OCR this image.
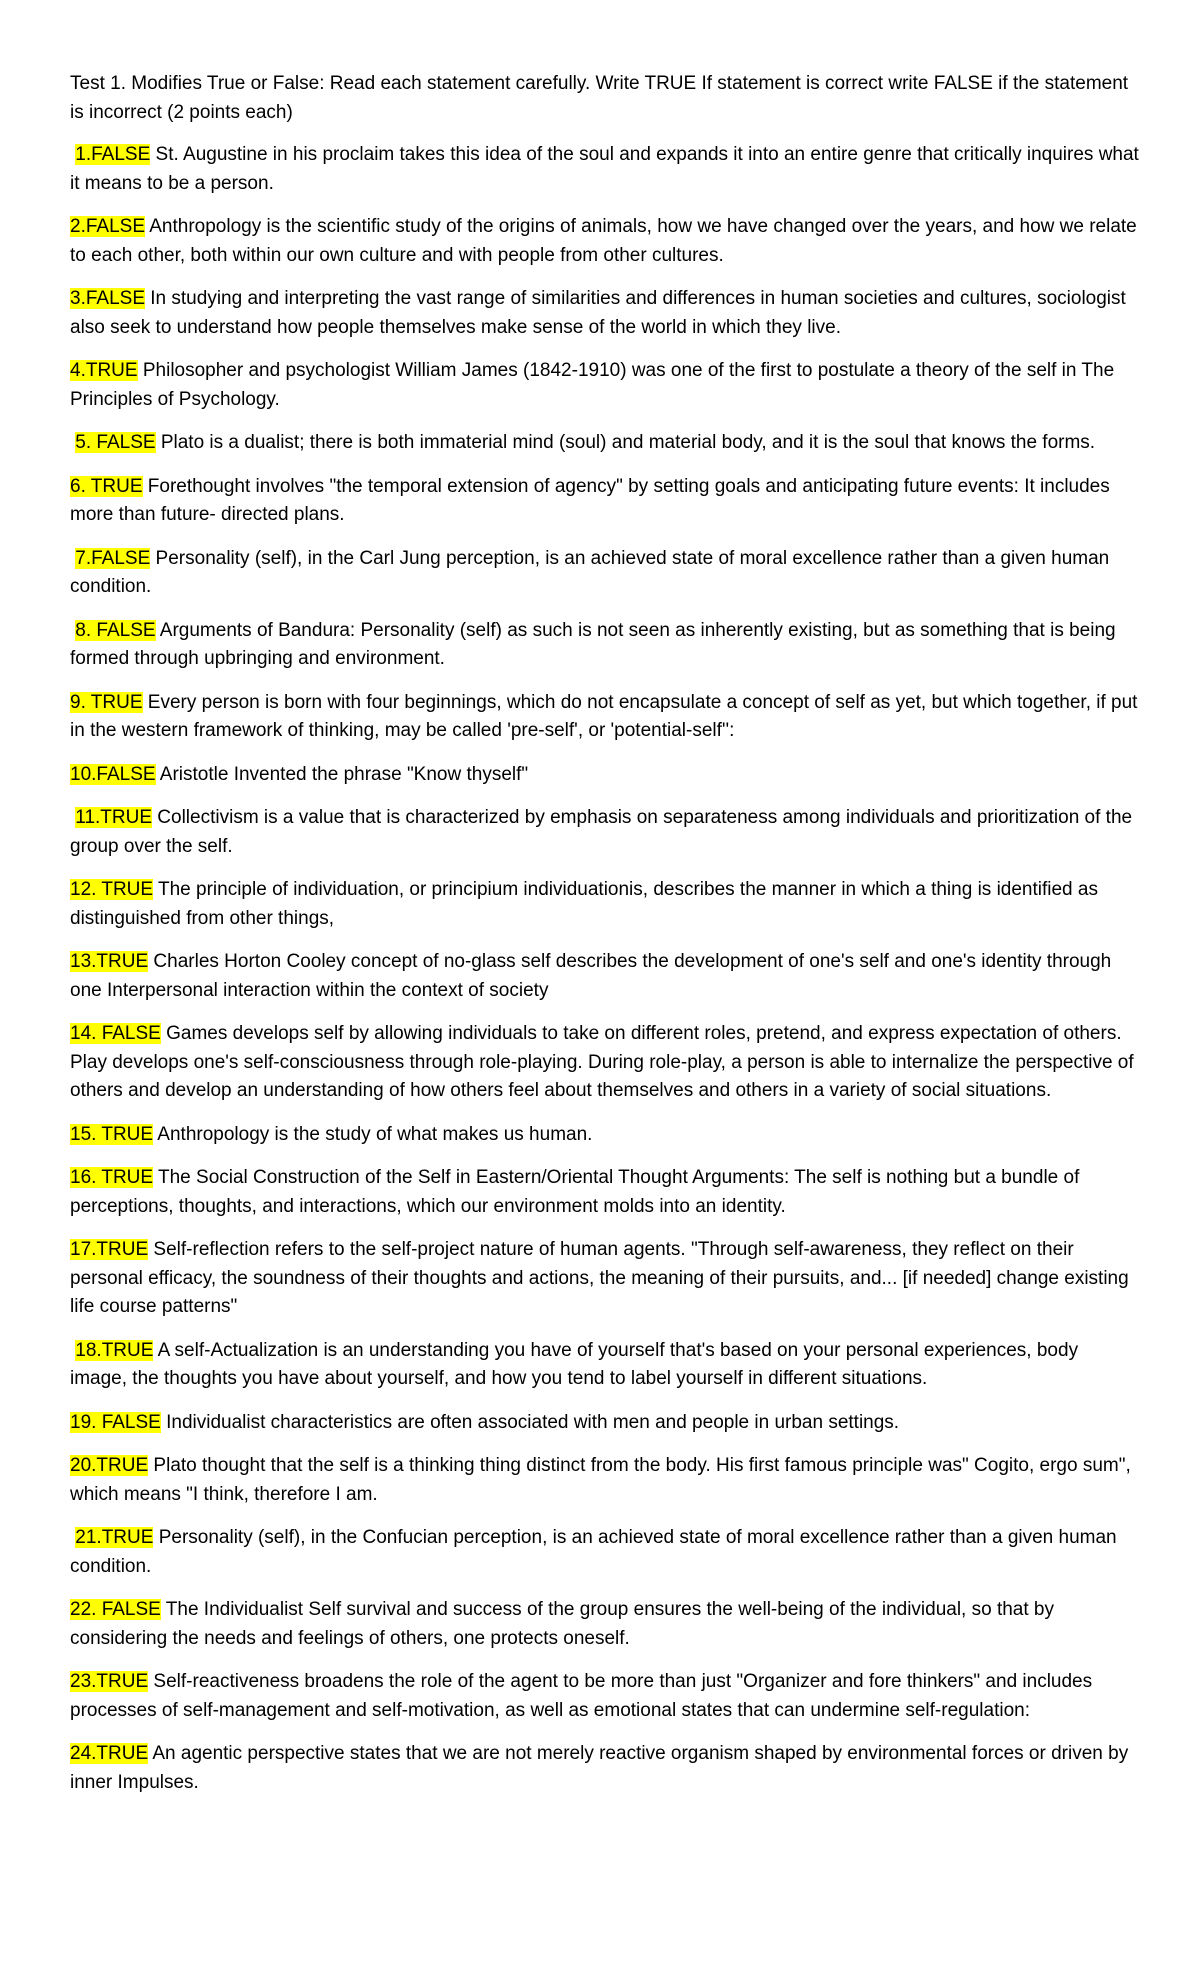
Test 1. Modifies True or False: Read each statement carefully. Write TRUE If statement is correct write FALSE if the statement is incorrect (2 points each)

1.FALSE St. Augustine in his proclaim takes this idea of the soul and expands it into an entire genre that critically inquires what it means to be a person.

2.FALSE Anthropology is the scientific study of the origins of animals, how we have changed over the years, and how we relate to each other, both within our own culture and with people from other cultures.

3.FALSE In studying and interpreting the vast range of similarities and differences in human societies and cultures, sociologist also seek to understand how people themselves make sense of the world in which they live.

4.TRUE Philosopher and psychologist William James (1842-1910) was one of the first to postulate a theory of the self in The Principles of Psychology.

5. FALSE Plato is a dualist; there is both immaterial mind (soul) and material body, and it is the soul that knows the forms.

6. TRUE Forethought involves "the temporal extension of agency" by setting goals and anticipating future events: It includes more than future- directed plans.

7.FALSE Personality (self), in the Carl Jung perception, is an achieved state of moral excellence rather than a given human condition.

8. FALSE Arguments of Bandura: Personality (self) as such is not seen as inherently existing, but as something that is being formed through upbringing and environment.

9. TRUE Every person is born with four beginnings, which do not encapsulate a concept of self as yet, but which together, if put in the western framework of thinking, may be called 'pre-self', or 'potential-self'':

10.FALSE Aristotle Invented the phrase "Know thyself"

11.TRUE Collectivism is a value that is characterized by emphasis on separateness among individuals and prioritization of the group over the self.

12. TRUE The principle of individuation, or principium individuationis, describes the manner in which a thing is identified as distinguished from other things,

13.TRUE Charles Horton Cooley concept of no-glass self describes the development of one's self and one's identity through one Interpersonal interaction within the context of society

14. FALSE Games develops self by allowing individuals to take on different roles, pretend, and express expectation of others. Play develops one's self-consciousness through role-playing. During role-play, a person is able to internalize the perspective of others and develop an understanding of how others feel about themselves and others in a variety of social situations.

15. TRUE Anthropology is the study of what makes us human.

16. TRUE The Social Construction of the Self in Eastern/Oriental Thought Arguments: The self is nothing but a bundle of perceptions, thoughts, and interactions, which our environment molds into an identity.

17.TRUE Self-reflection refers to the self-project nature of human agents. "Through self-awareness, they reflect on their personal efficacy, the soundness of their thoughts and actions, the meaning of their pursuits, and... [if needed] change existing life course patterns"

18.TRUE A self-Actualization is an understanding you have of yourself that's based on your personal experiences, body image, the thoughts you have about yourself, and how you tend to label yourself in different situations.

19. FALSE Individualist characteristics are often associated with men and people in urban settings.

20.TRUE Plato thought that the self is a thinking thing distinct from the body. His first famous principle was" Cogito, ergo sum", which means "I think, therefore I am.

21.TRUE Personality (self), in the Confucian perception, is an achieved state of moral excellence rather than a given human condition.

22. FALSE The Individualist Self survival and success of the group ensures the well-being of the individual, so that by considering the needs and feelings of others, one protects oneself.

23.TRUE Self-reactiveness broadens the role of the agent to be more than just "Organizer and fore thinkers" and includes processes of self-management and self-motivation, as well as emotional states that can undermine self-regulation:

24.TRUE An agentic perspective states that we are not merely reactive organism shaped by environmental forces or driven by inner Impulses.
